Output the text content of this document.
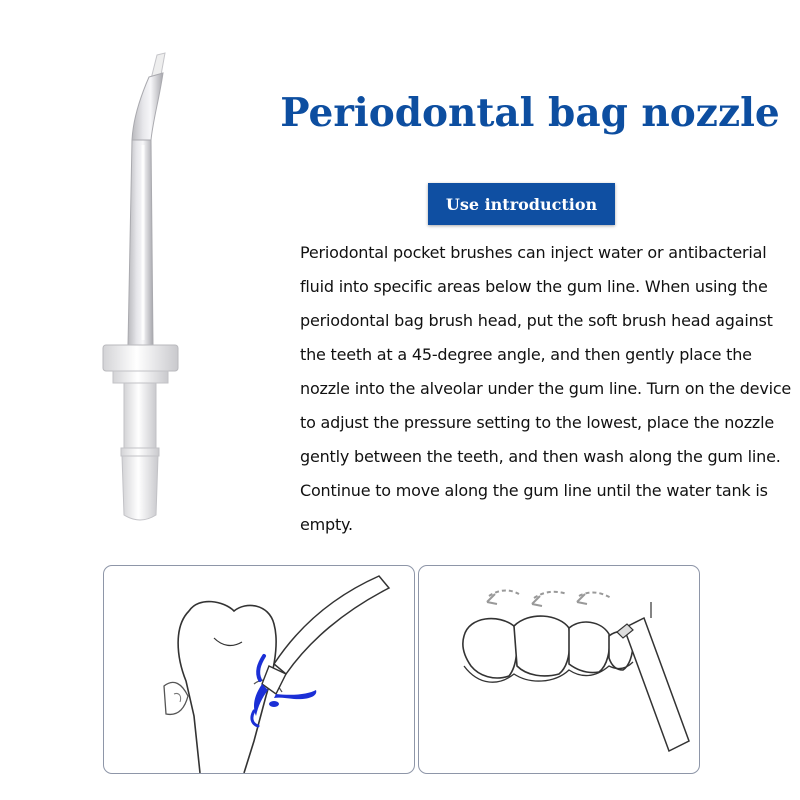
Periodontal bag nozzle
Use introduction
Periodontal pocket brushes can inject water or antibacterial fluid into specific areas below the gum line. When using the periodontal bag brush head, put the soft brush head against the teeth at a 45-degree angle, and then gently place the nozzle into the alveolar under the gum line. Turn on the device to adjust the pressure setting to the lowest, place the nozzle gently between the teeth, and then wash along the gum line. Continue to move along the gum line until the water tank is empty.
